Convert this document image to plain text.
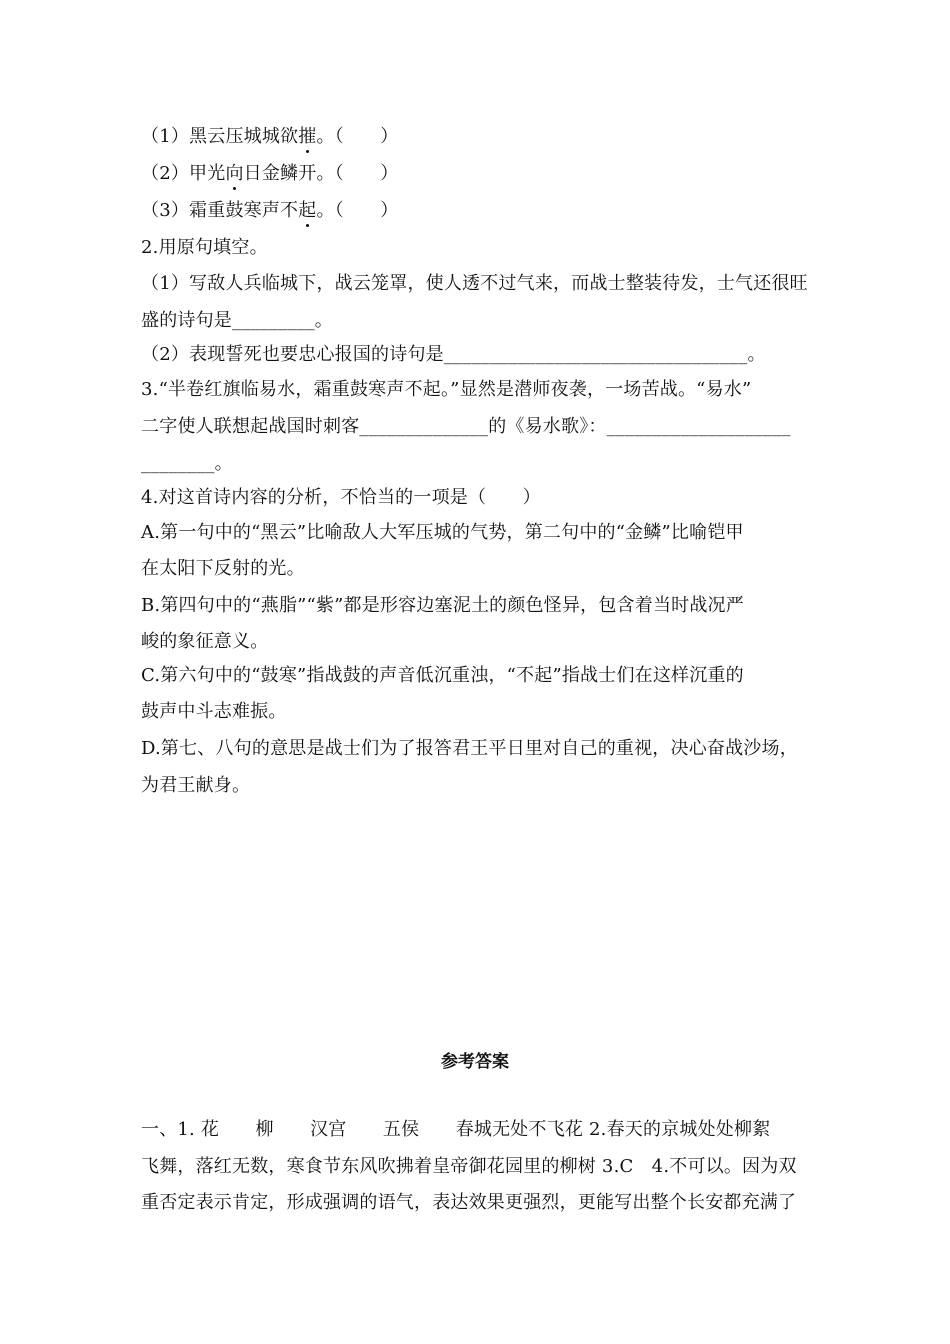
（1）黑云压城城欲摧。（　　）
（2）甲光向日金鳞开。（　　）
（3）霜重鼓寒声不起。（　　）
2.用原句填空。
（1）写敌人兵临城下，战云笼罩，使人透不过气来，而战士整装待发，士气还很旺
盛的诗句是_________。
（2）表现誓死也要忠心报国的诗句是_________________________________。
3.“半卷红旗临易水，霜重鼓寒声不起。”显然是潜师夜袭，一场苦战。“易水”
二字使人联想起战国时刺客______________的《易水歌》：____________________
________。
4.对这首诗内容的分析，不恰当的一项是（　　）
A.第一句中的“黑云”比喻敌人大军压城的气势，第二句中的“金鳞”比喻铠甲
在太阳下反射的光。
B.第四句中的“燕脂”“紫”都是形容边塞泥土的颜色怪异，包含着当时战况严
峻的象征意义。
C.第六句中的“鼓寒”指战鼓的声音低沉重浊，“不起”指战士们在这样沉重的
鼓声中斗志难振。
D.第七、八句的意思是战士们为了报答君王平日里对自己的重视，决心奋战沙场，
为君王献身。
参考答案
一、1. 花　　柳　　汉宫　　五侯　　春城无处不飞花 2.春天的京城处处柳絮
飞舞，落红无数，寒食节东风吹拂着皇帝御花园里的柳树 3.C　4.不可以。因为双
重否定表示肯定，形成强调的语气，表达效果更强烈，更能写出整个长安都充满了
